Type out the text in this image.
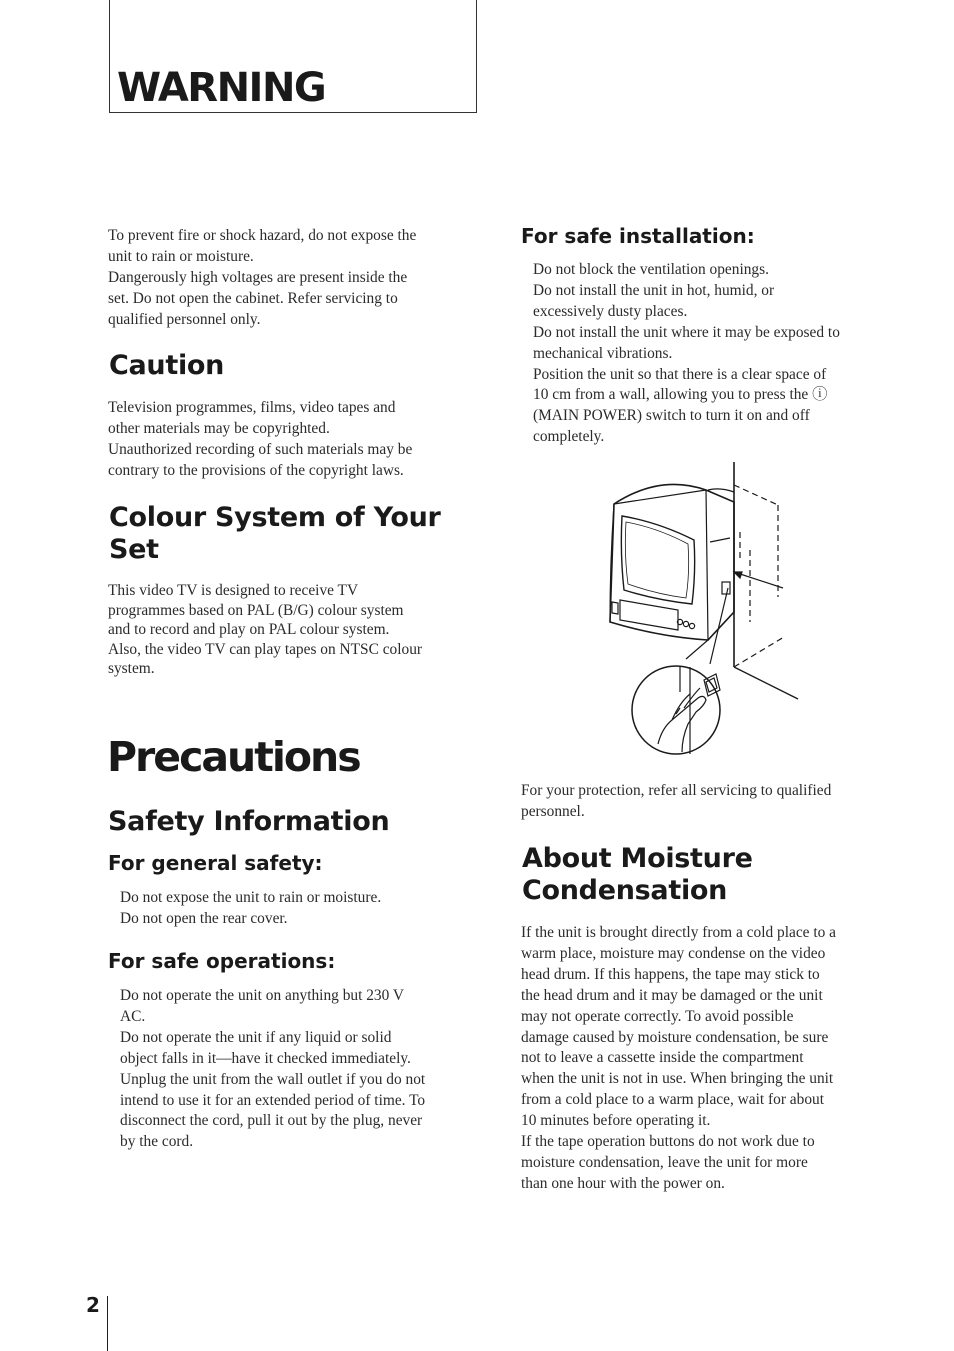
WARNING
To prevent fire or shock hazard, do not expose the
unit to rain or moisture.
Dangerously high voltages are present inside the
set. Do not open the cabinet. Refer servicing to
qualified personnel only.
Caution
Television programmes, films, video tapes and
other materials may be copyrighted.
Unauthorized recording of such materials may be
contrary to the provisions of the copyright laws.
Colour System of Your
Set
This video TV is designed to receive TV
programmes based on PAL (B/G) colour system
and to record and play on PAL colour system.
Also, the video TV can play tapes on NTSC colour
system.
Precautions
Safety Information
For general safety:
Do not expose the unit to rain or moisture.
Do not open the rear cover.
For safe operations:
Do not operate the unit on anything but 230 V
AC.
Do not operate the unit if any liquid or solid
object falls in it—have it checked immediately.
Unplug the unit from the wall outlet if you do not
intend to use it for an extended period of time. To
disconnect the cord, pull it out by the plug, never
by the cord.
For safe installation:
Do not block the ventilation openings.
Do not install the unit in hot, humid, or
excessively dusty places.
Do not install the unit where it may be exposed to
mechanical vibrations.
Position the unit so that there is a clear space of
10 cm from a wall, allowing you to press the ⓘ
(MAIN POWER) switch to turn it on and off
completely.
For your protection, refer all servicing to qualified
personnel.
About Moisture
Condensation
If the unit is brought directly from a cold place to a
warm place, moisture may condense on the video
head drum. If this happens, the tape may stick to
the head drum and it may be damaged or the unit
may not operate correctly. To avoid possible
damage caused by moisture condensation, be sure
not to leave a cassette inside the compartment
when the unit is not in use. When bringing the unit
from a cold place to a warm place, wait for about
10 minutes before operating it.
If the tape operation buttons do not work due to
moisture condensation, leave the unit for more
than one hour with the power on.
2
